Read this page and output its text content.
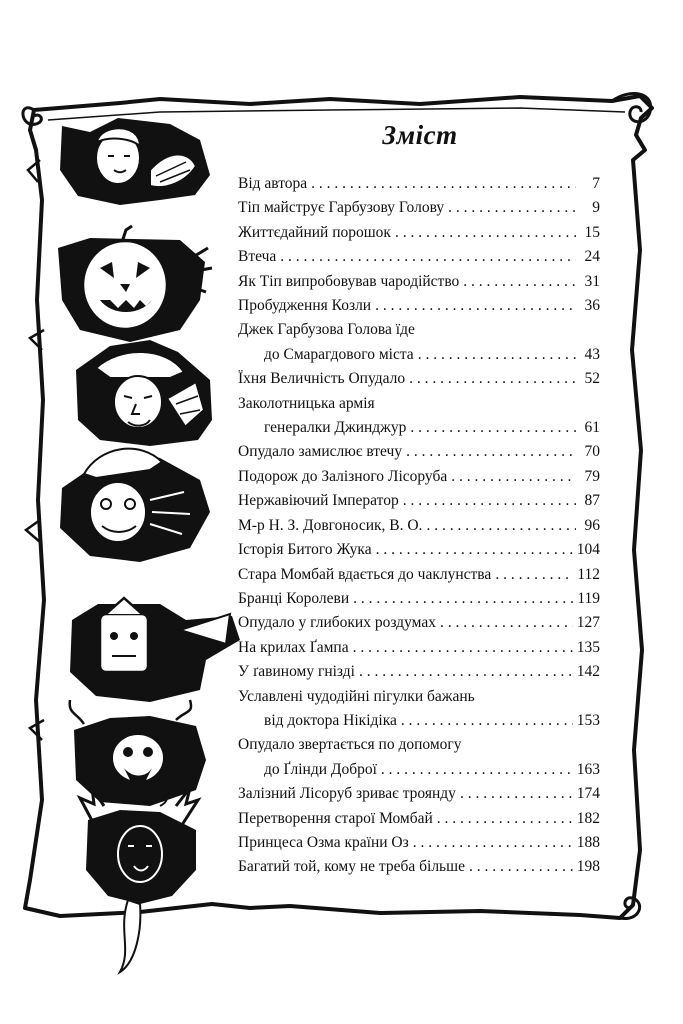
Зміст
Від автора . . .	7
Тіп майструє Гарбузову Голову . . .	9
Життєдайний порошок . . .	15
Втеча . . .	24
Як Тіп випробовував чародійство . . .	31
Пробудження Козли . . .	36
Джек Гарбузова Голова їде
до Смарагдового міста . . .	43
Їхня Величність Опудало . . .	52
Заколотницька армія
генералки Джинджур . . .	61
Опудало замислює втечу . . .	70
Подорож до Залізного Лісоруба . . .	79
Нержавіючий Імператор . . .	87
М-р Н. З. Довгоносик, В. О. . . .	96
Історія Битого Жука . . .	104
Стара Момбай вдається до чаклунства . . .	112
Бранці Королеви . . .	119
Опудало у глибоких роздумах . . .	127
На крилах Ґампа . . .	135
У ґавиному гнізді . . .	142
Уславлені чудодійні пігулки бажань
від доктора Нікідіка . . .	153
Опудало звертається по допомогу
до Ґлінди Доброї . . .	163
Залізний Лісоруб зриває троянду . . .	174
Перетворення старої Момбай . . .	182
Принцеса Озма країни Оз . . .	188
Багатий той, кому не треба більше . . .	198
